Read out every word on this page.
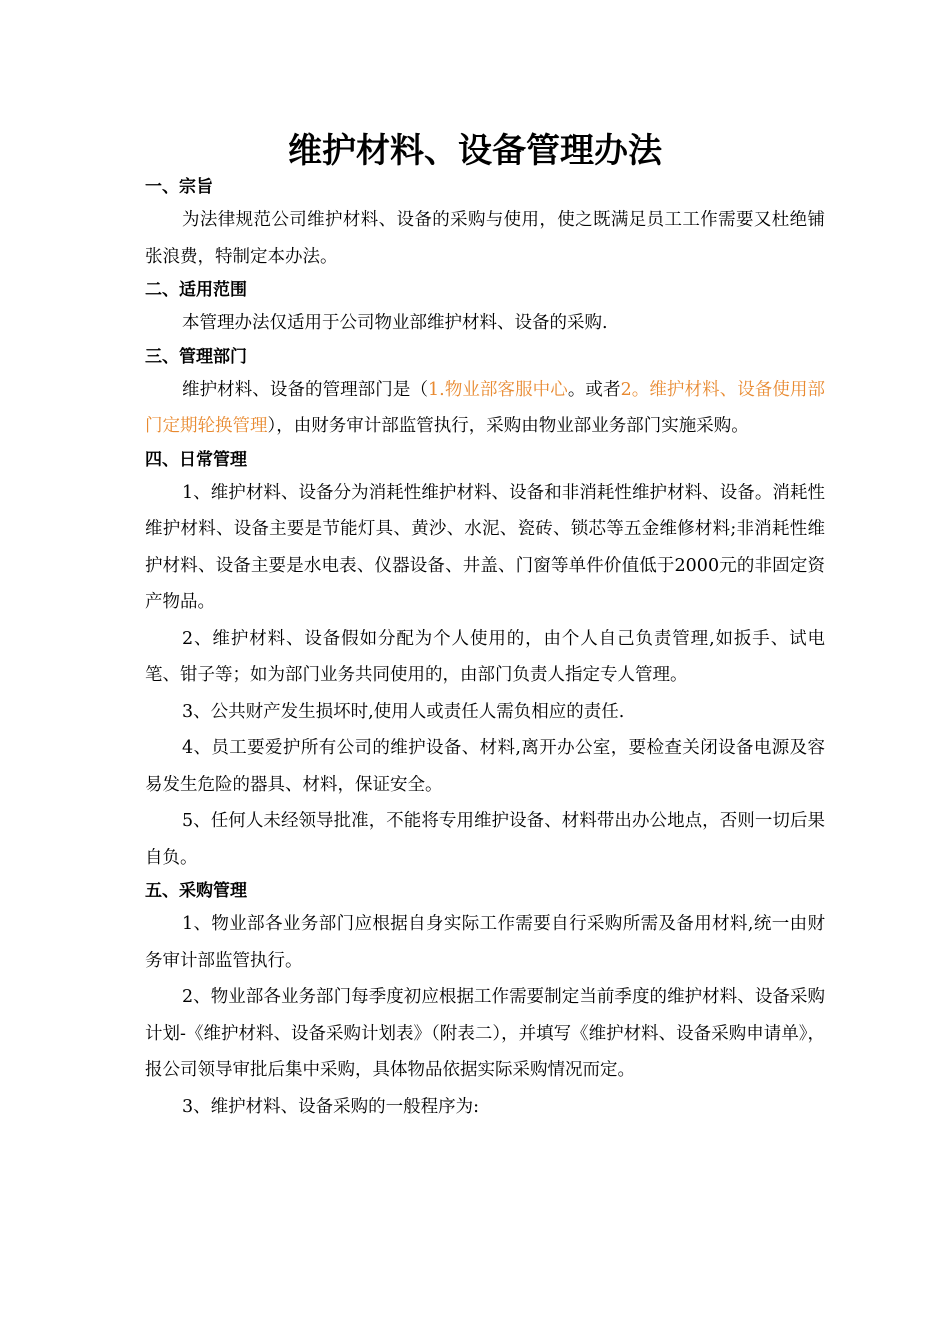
维护材料、设备管理办法
一、宗旨

为法律规范公司维护材料、设备的采购与使用，使之既满足员工工作需要又杜绝铺张浪费，特制定本办法。

二、适用范围

本管理办法仅适用于公司物业部维护材料、设备的采购.

三、管理部门

维护材料、设备的管理部门是（1.物业部客服中心。或者2。维护材料、设备使用部门定期轮换管理），由财务审计部监管执行，采购由物业部业务部门实施采购。

四、日常管理

1、维护材料、设备分为消耗性维护材料、设备和非消耗性维护材料、设备。消耗性维护材料、设备主要是节能灯具、黄沙、水泥、瓷砖、锁芯等五金维修材料;非消耗性维护材料、设备主要是水电表、仪器设备、井盖、门窗等单件价值低于2000元的非固定资产物品。

2、维护材料、设备假如分配为个人使用的，由个人自己负责管理,如扳手、试电笔、钳子等；如为部门业务共同使用的，由部门负责人指定专人管理。

3、公共财产发生损坏时,使用人或责任人需负相应的责任.

4、员工要爱护所有公司的维护设备、材料,离开办公室，要检查关闭设备电源及容易发生危险的器具、材料，保证安全。

5、任何人未经领导批准，不能将专用维护设备、材料带出办公地点，否则一切后果自负。

五、采购管理

1、物业部各业务部门应根据自身实际工作需要自行采购所需及备用材料,统一由财务审计部监管执行。

2、物业部各业务部门每季度初应根据工作需要制定当前季度的维护材料、设备采购计划-《维护材料、设备采购计划表》（附表二），并填写《维护材料、设备采购申请单》，报公司领导审批后集中采购，具体物品依据实际采购情况而定。

3、维护材料、设备采购的一般程序为:
